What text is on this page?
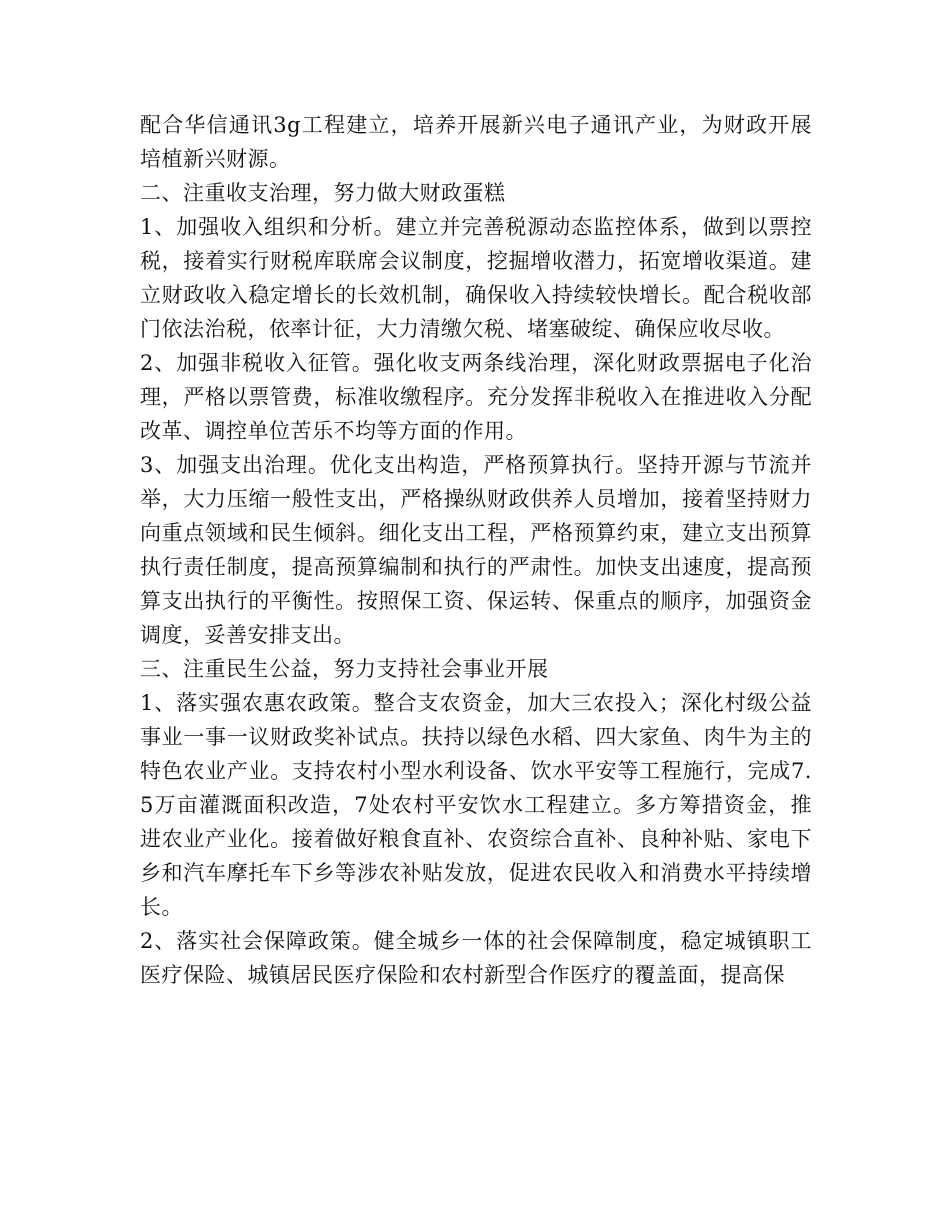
配合华信通讯3g工程建立，培养开展新兴电子通讯产业，为财政开展培植新兴财源。

二、注重收支治理，努力做大财政蛋糕

1、加强收入组织和分析。建立并完善税源动态监控体系，做到以票控税，接着实行财税库联席会议制度，挖掘增收潜力，拓宽增收渠道。建立财政收入稳定增长的长效机制，确保收入持续较快增长。配合税收部门依法治税，依率计征，大力清缴欠税、堵塞破绽、确保应收尽收。

2、加强非税收入征管。强化收支两条线治理，深化财政票据电子化治理，严格以票管费，标准收缴程序。充分发挥非税收入在推进收入分配改革、调控单位苦乐不均等方面的作用。

3、加强支出治理。优化支出构造，严格预算执行。坚持开源与节流并举，大力压缩一般性支出，严格操纵财政供养人员增加，接着坚持财力向重点领域和民生倾斜。细化支出工程，严格预算约束，建立支出预算执行责任制度，提高预算编制和执行的严肃性。加快支出速度，提高预算支出执行的平衡性。按照保工资、保运转、保重点的顺序，加强资金调度，妥善安排支出。

三、注重民生公益，努力支持社会事业开展

1、落实强农惠农政策。整合支农资金，加大三农投入；深化村级公益事业一事一议财政奖补试点。扶持以绿色水稻、四大家鱼、肉牛为主的特色农业产业。支持农村小型水利设备、饮水平安等工程施行，完成7.5万亩灌溉面积改造，7处农村平安饮水工程建立。多方筹措资金，推进农业产业化。接着做好粮食直补、农资综合直补、良种补贴、家电下乡和汽车摩托车下乡等涉农补贴发放，促进农民收入和消费水平持续增长。

2、落实社会保障政策。健全城乡一体的社会保障制度，稳定城镇职工医疗保险、城镇居民医疗保险和农村新型合作医疗的覆盖面，提高保
